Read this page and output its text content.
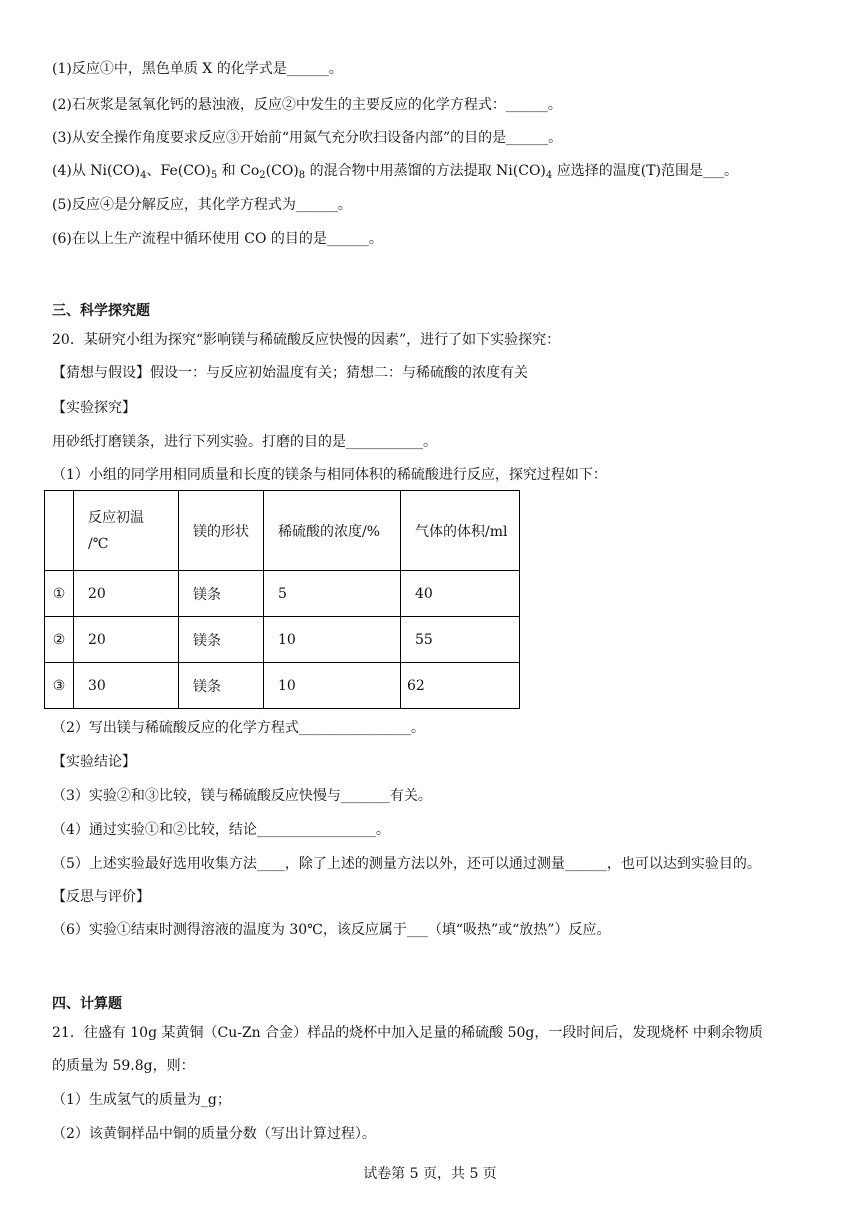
(1)反应①中，黑色单质 X 的化学式是______。
(2)石灰浆是氢氧化钙的悬浊液，反应②中发生的主要反应的化学方程式：______。
(3)从安全操作角度要求反应③开始前“用氮气充分吹扫设备内部”的目的是______。
(4)从 $Ni(CO)_4$、$Fe(CO)_5$ 和 $Co_2(CO)_8$ 的混合物中用蒸馏的方法提取 $Ni(CO)_4$ 应选择的温度(T)范围是___。
(5)反应④是分解反应，其化学方程式为______。
(6)在以上生产流程中循环使用 CO 的目的是______。
三、科学探究题
20．某研究小组为探究“影响镁与稀硫酸反应快慢的因素”，进行了如下实验探究：
【猜想与假设】假设一：与反应初始温度有关；猜想二：与稀硫酸的浓度有关
【实验探究】
用砂纸打磨镁条，进行下列实验。打磨的目的是___________。
（1）小组的同学用相同质量和长度的镁条与相同体积的稀硫酸进行反应，探究过程如下：

	反应初温
/℃	镁的形状	稀硫酸的浓度/%	气体的体积/ml
①	20	镁条	5	40
②	20	镁条	10	55
③	30	镁条	10	62
（2）写出镁与稀硫酸反应的化学方程式________________。
【实验结论】
（3）实验②和③比较，镁与稀硫酸反应快慢与_______有关。
（4）通过实验①和②比较，结论_________________。
（5）上述实验最好选用收集方法____，除了上述的测量方法以外，还可以通过测量______，也可以达到实验目的。
【反思与评价】
（6）实验①结束时测得溶液的温度为 30℃，该反应属于___（填“吸热”或“放热”）反应。
四、计算题
21．往盛有 10g 某黄铜（Cu-Zn 合金）样品的烧杯中加入足量的稀硫酸 50g，一段时间后，发现烧杯 中剩余物质
的质量为 59.8g，则：
（1）生成氢气的质量为_g；
（2）该黄铜样品中铜的质量分数（写出计算过程）。
试卷第 5 页，共 5 页
